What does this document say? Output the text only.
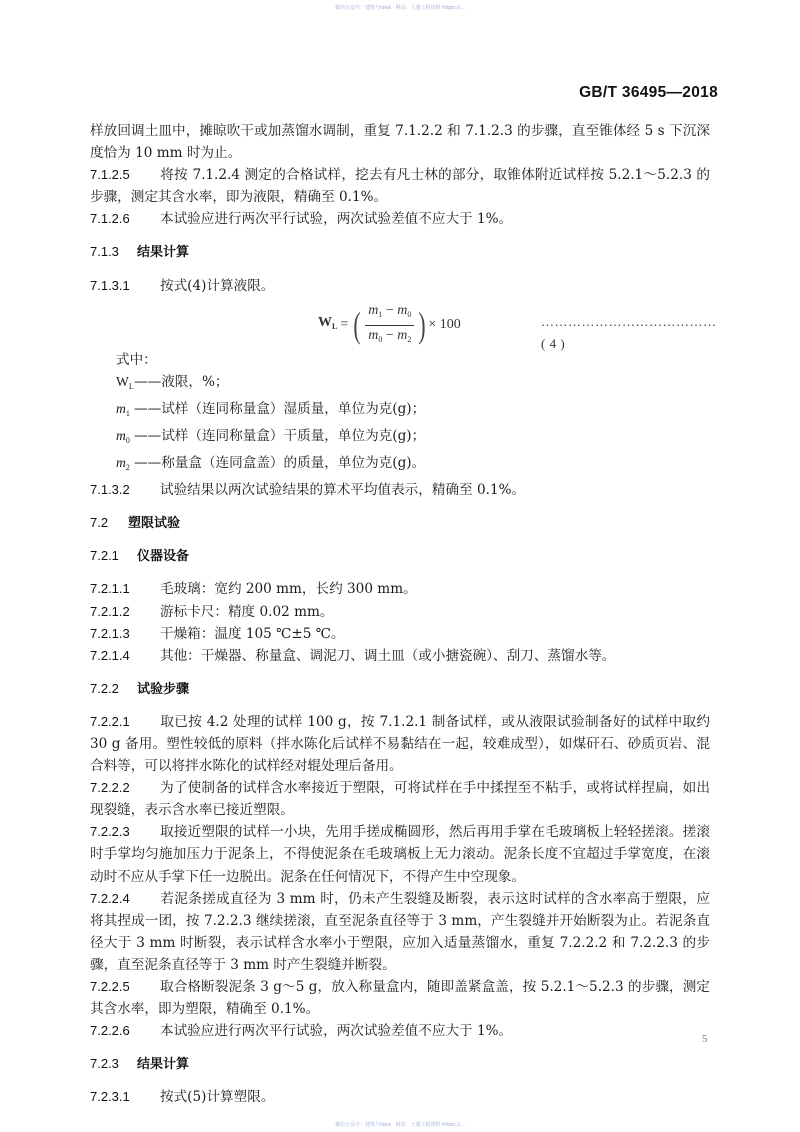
微信公众号：建筑与idea · 网站：土建工程资料 https://...
GB/T 36495—2018

样放回调土皿中，摊晾吹干或加蒸馏水调制，重复 7.1.2.2 和 7.1.2.3 的步骤，直至锥体经 5 s 下沉深度恰为 10 mm 时为止。

7.1.2.5 将按 7.1.2.4 测定的合格试样，挖去有凡士林的部分，取锥体附近试样按 5.2.1～5.2.3 的步骤，测定其含水率，即为液限，精确至 0.1%。

7.1.2.6 本试验应进行两次平行试验，两次试验差值不应大于 1%。

7.1.3 结果计算

7.1.3.1 按式(4)计算液限。

$W_L$ = ( $\frac{m_1 - m_0}{m_0 - m_2}$ ) × 100	…………………………………( 4 )

式中：

$W_L——$液限，%；

$m_1$ ——试样（连同称量盒）湿质量，单位为克(g)；

$m_0$ ——试样（连同称量盒）干质量，单位为克(g)；

$m_2$ ——称量盒（连同盒盖）的质量，单位为克(g)。

7.1.3.2 试验结果以两次试验结果的算术平均值表示，精确至 0.1%。

7.2 塑限试验
7.2.1 仪器设备

7.2.1.1 毛玻璃：宽约 200 mm，长约 300 mm。

7.2.1.2 游标卡尺：精度 0.02 mm。

7.2.1.3 干燥箱：温度 105 ℃±5 ℃。

7.2.1.4 其他：干燥器、称量盒、调泥刀、调土皿（或小搪瓷碗）、刮刀、蒸馏水等。

7.2.2 试验步骤

7.2.2.1 取已按 4.2 处理的试样 100 g，按 7.1.2.1 制备试样，或从液限试验制备好的试样中取约 30 g 备用。塑性较低的原料（拌水陈化后试样不易黏结在一起，较难成型），如煤矸石、砂质页岩、混合料等，可以将拌水陈化的试样经对辊处理后备用。

7.2.2.2 为了使制备的试样含水率接近于塑限，可将试样在手中揉捏至不粘手，或将试样捏扁，如出现裂缝，表示含水率已接近塑限。

7.2.2.3 取接近塑限的试样一小块，先用手搓成椭圆形，然后再用手掌在毛玻璃板上轻轻搓滚。搓滚时手掌均匀施加压力于泥条上，不得使泥条在毛玻璃板上无力滚动。泥条长度不宜超过手掌宽度，在滚动时不应从手掌下任一边脱出。泥条在任何情况下，不得产生中空现象。

7.2.2.4 若泥条搓成直径为 3 mm 时，仍未产生裂缝及断裂，表示这时试样的含水率高于塑限，应将其捏成一团，按 7.2.2.3 继续搓滚，直至泥条直径等于 3 mm，产生裂缝并开始断裂为止。若泥条直径大于 3 mm 时断裂，表示试样含水率小于塑限，应加入适量蒸馏水，重复 7.2.2.2 和 7.2.2.3 的步骤，直至泥条直径等于 3 mm 时产生裂缝并断裂。

7.2.2.5 取合格断裂泥条 3 g～5 g，放入称量盒内，随即盖紧盒盖，按 5.2.1～5.2.3 的步骤，测定其含水率，即为塑限，精确至 0.1%。

7.2.2.6 本试验应进行两次平行试验，两次试验差值不应大于 1%。

7.2.3 结果计算

7.2.3.1 按式(5)计算塑限。

5
微信公众号：建筑与idea · 网站：土建工程资料 https://...
